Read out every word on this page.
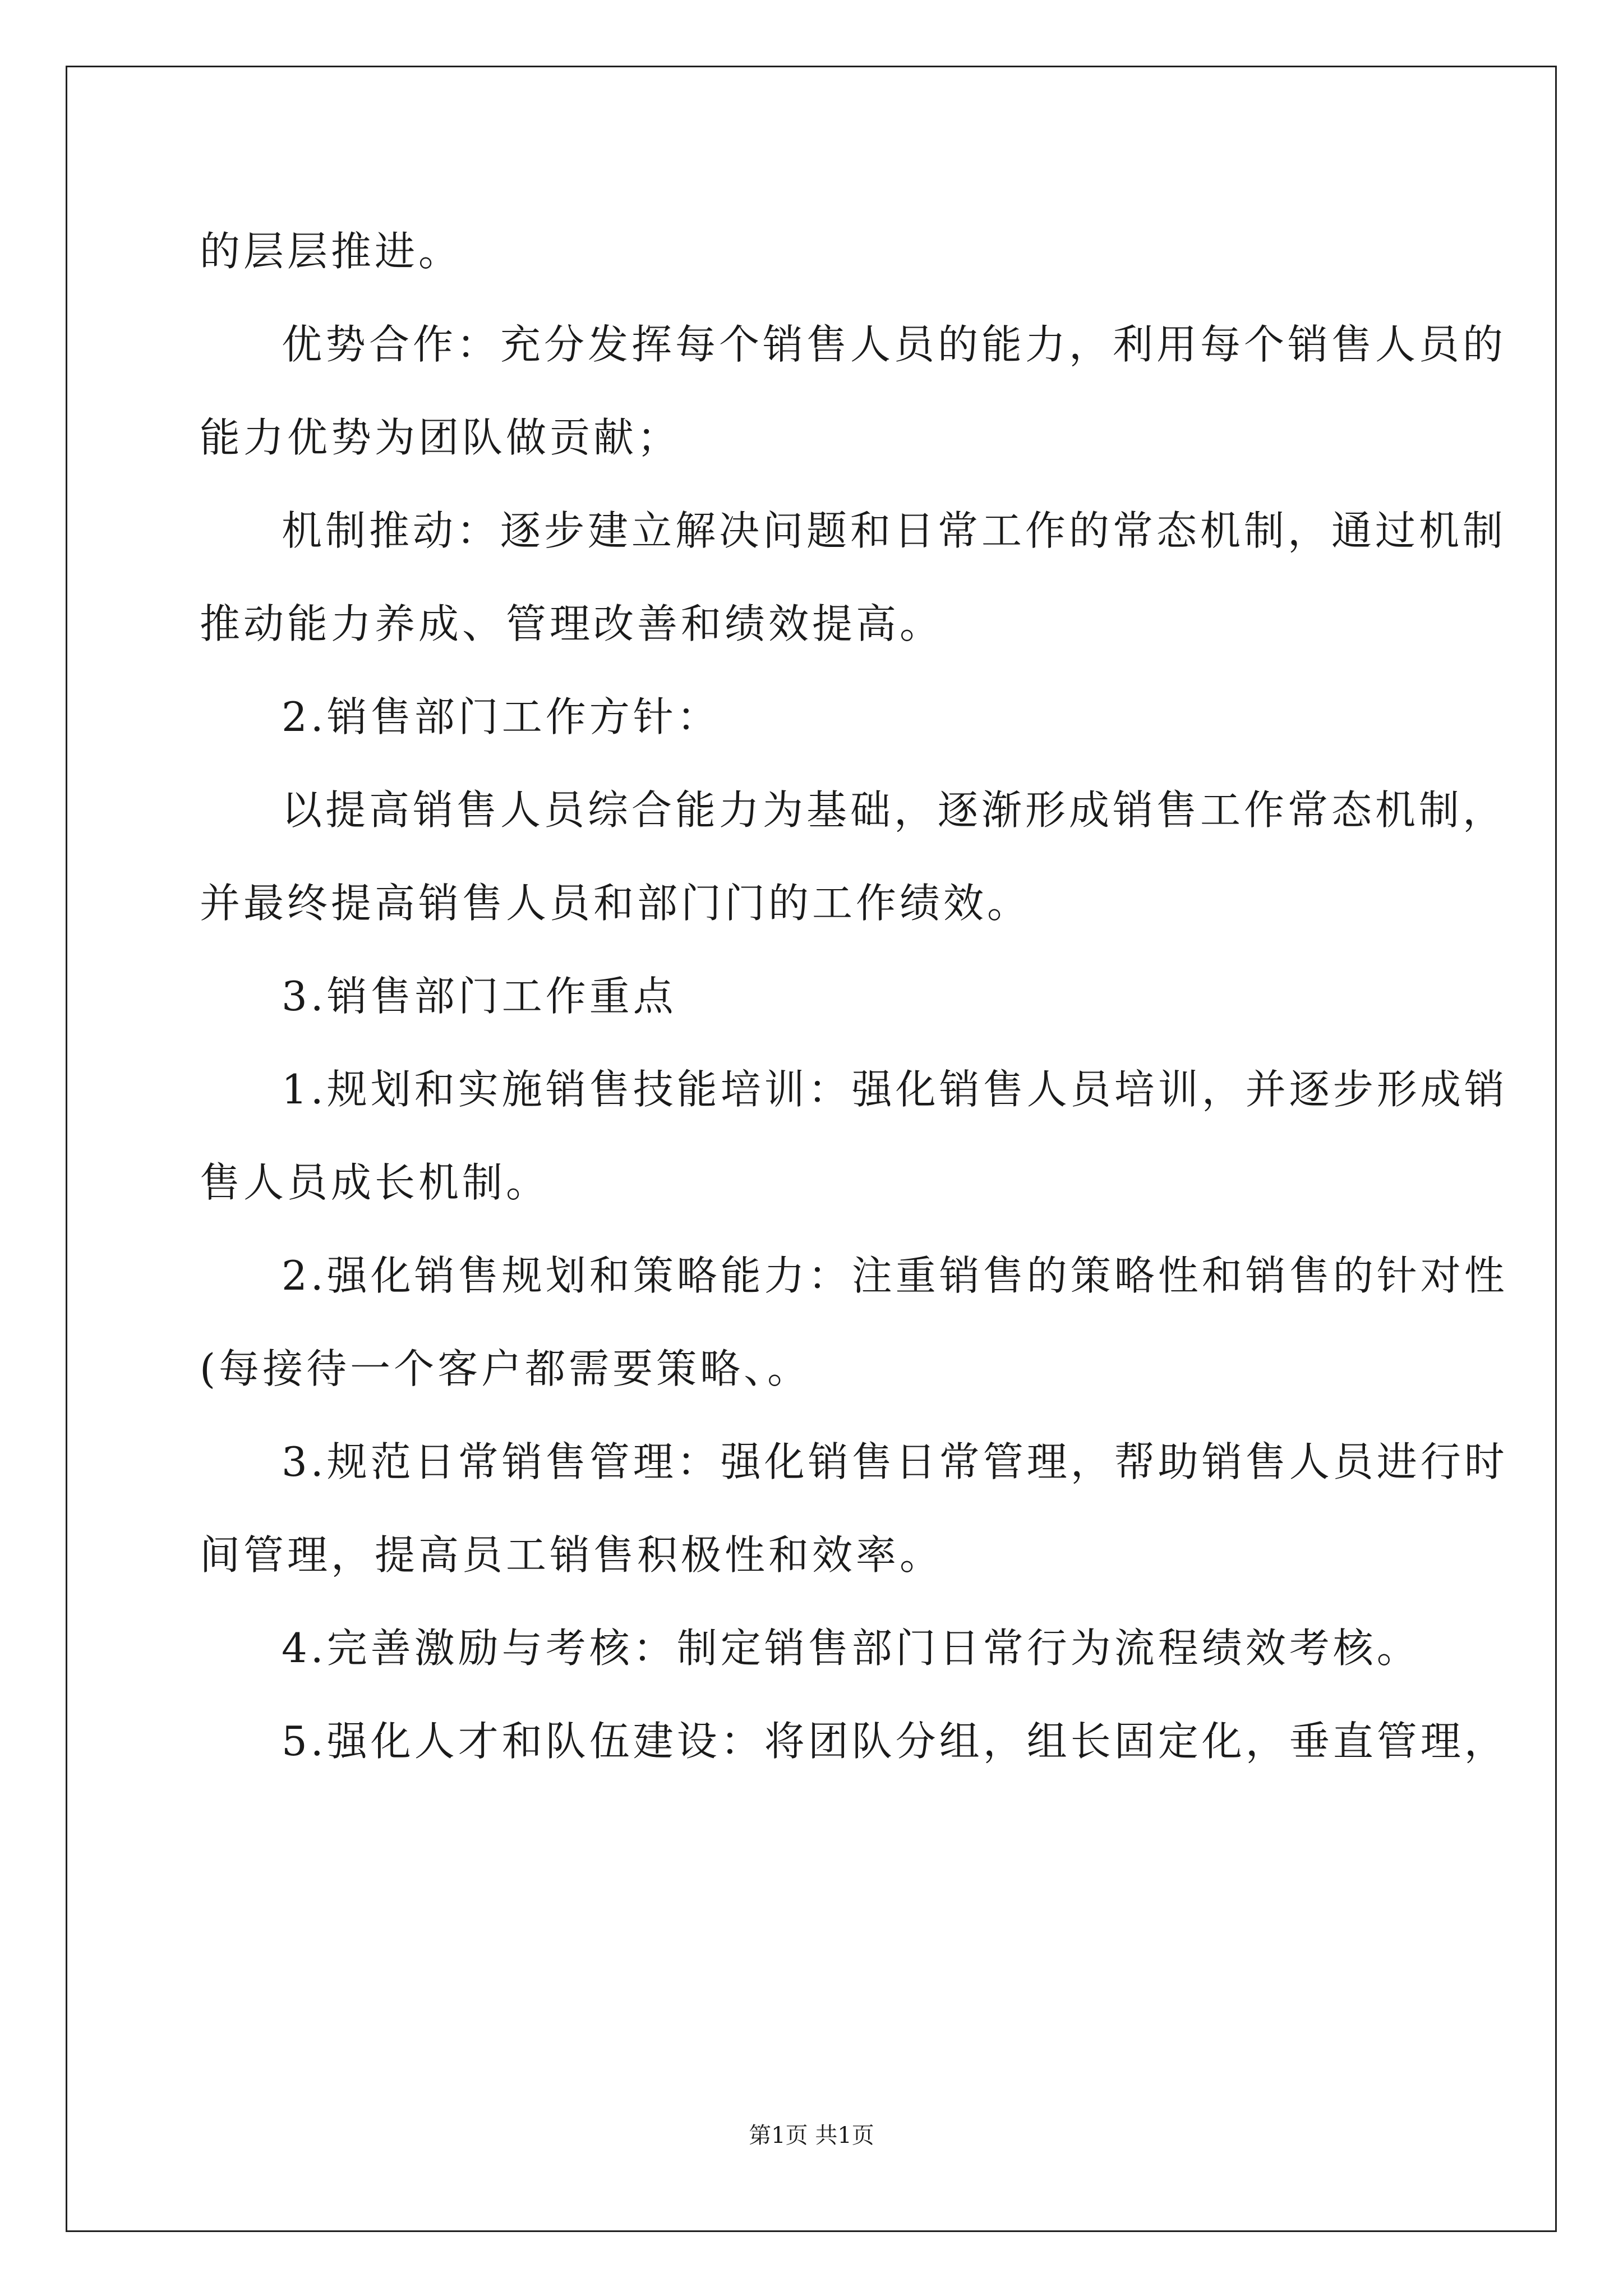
的层层推进。
优势合作：充分发挥每个销售人员的能力，利用每个销售人员的
能力优势为团队做贡献；
机制推动：逐步建立解决问题和日常工作的常态机制，通过机制
推动能力养成、管理改善和绩效提高。
2.销售部门工作方针：
以提高销售人员综合能力为基础，逐渐形成销售工作常态机制，
并最终提高销售人员和部门门的工作绩效。
3.销售部门工作重点
1.规划和实施销售技能培训：强化销售人员培训，并逐步形成销
售人员成长机制。
2.强化销售规划和策略能力：注重销售的策略性和销售的针对性
(每接待一个客户都需要策略、。
3.规范日常销售管理：强化销售日常管理，帮助销售人员进行时
间管理，提高员工销售积极性和效率。
4.完善激励与考核：制定销售部门日常行为流程绩效考核。
5.强化人才和队伍建设：将团队分组，组长固定化，垂直管理，
第1页 共1页
